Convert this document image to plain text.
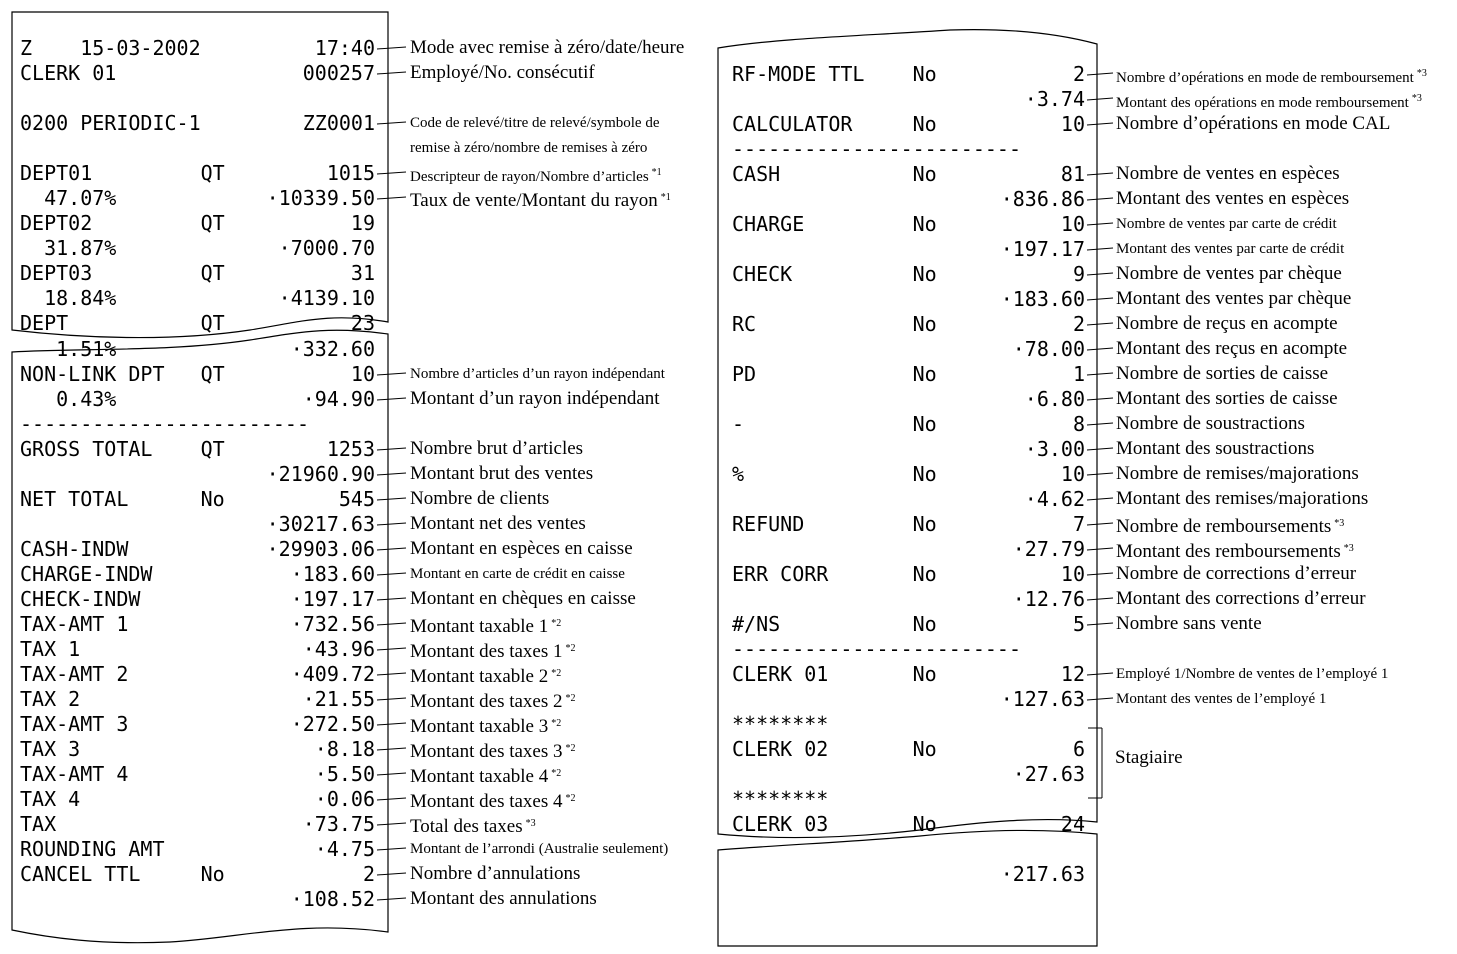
Z    15-03-2002	17:40 Mode avec remise à zéro/date/heure
CLERK 01	000257 Employé/No. consécutif
0200 PERIODIC-1	ZZ0001 Code de relevé/titre de relevé/symbole de
remise à zéro/nombre de remises à zéro
DEPT01         QT	1015 Descripteur de rayon/Nombre d’articles $^{*1}$
47.07%	·10339.50 Taux de vente/Montant du rayon $^{*1}$
DEPT02         QT	19
31.87%	·7000.70
DEPT03         QT	31
18.84%	·4139.10
DEPT           QT	23
1.51%	·332.60
NON-LINK DPT   QT	10 Nombre d’articles d’un rayon indépendant
0.43%	·94.90 Montant d’un rayon indépendant
------------------------
GROSS TOTAL    QT	1253 Nombre brut d’articles
·21960.90 Montant brut des ventes
NET TOTAL      No	545 Nombre de clients
·30217.63 Montant net des ventes
CASH-INDW	·29903.06 Montant en espèces en caisse
CHARGE-INDW	·183.60 Montant en carte de crédit en caisse
CHECK-INDW	·197.17 Montant en chèques en caisse
TAX-AMT 1	·732.56 Montant taxable 1 $^{*2}$
TAX 1	·43.96 Montant des taxes 1 $^{*2}$
TAX-AMT 2	·409.72 Montant taxable 2 $^{*2}$
TAX 2	·21.55 Montant des taxes 2 $^{*2}$
TAX-AMT 3	·272.50 Montant taxable 3 $^{*2}$
TAX 3	·8.18 Montant des taxes 3 $^{*2}$
TAX-AMT 4	·5.50 Montant taxable 4 $^{*2}$
TAX 4	·0.06 Montant des taxes 4 $^{*2}$
TAX	·73.75 Total des taxes $^{*3}$
ROUNDING AMT	·4.75 Montant de l’arrondi (Australie seulement)
CANCEL TTL     No	2 Nombre d’annulations
·108.52 Montant des annulations
RF-MODE TTL    No	2 Nombre d’opérations en mode de remboursement $^{*3}$
·3.74 Montant des opérations en mode remboursement $^{*3}$
CALCULATOR     No	10 Nombre d’opérations en mode CAL
------------------------
CASH           No	81 Nombre de ventes en espèces
·836.86 Montant des ventes en espèces
CHARGE         No	10 Nombre de ventes par carte de crédit
·197.17 Montant des ventes par carte de crédit
CHECK          No	9 Nombre de ventes par chèque
·183.60 Montant des ventes par chèque
RC             No	2 Nombre de reçus en acompte
·78.00 Montant des reçus en acompte
PD             No	1 Nombre de sorties de caisse
·6.80 Montant des sorties de caisse
-              No	8 Nombre de soustractions
·3.00 Montant des soustractions
%              No	10 Nombre de remises/majorations
·4.62 Montant des remises/majorations
REFUND         No	7 Nombre de remboursements $^{*3}$
·27.79 Montant des remboursements $^{*3}$
ERR CORR       No	10 Nombre de corrections d’erreur
·12.76 Montant des corrections d’erreur
#/NS           No	5 Nombre sans vente
------------------------
CLERK 01       No	12 Employé 1/Nombre de ventes de l’employé 1
·127.63 Montant des ventes de l’employé 1
********
CLERK 02       No	6
·27.63
********
CLERK 03       No	24
·217.63
Stagiaire
